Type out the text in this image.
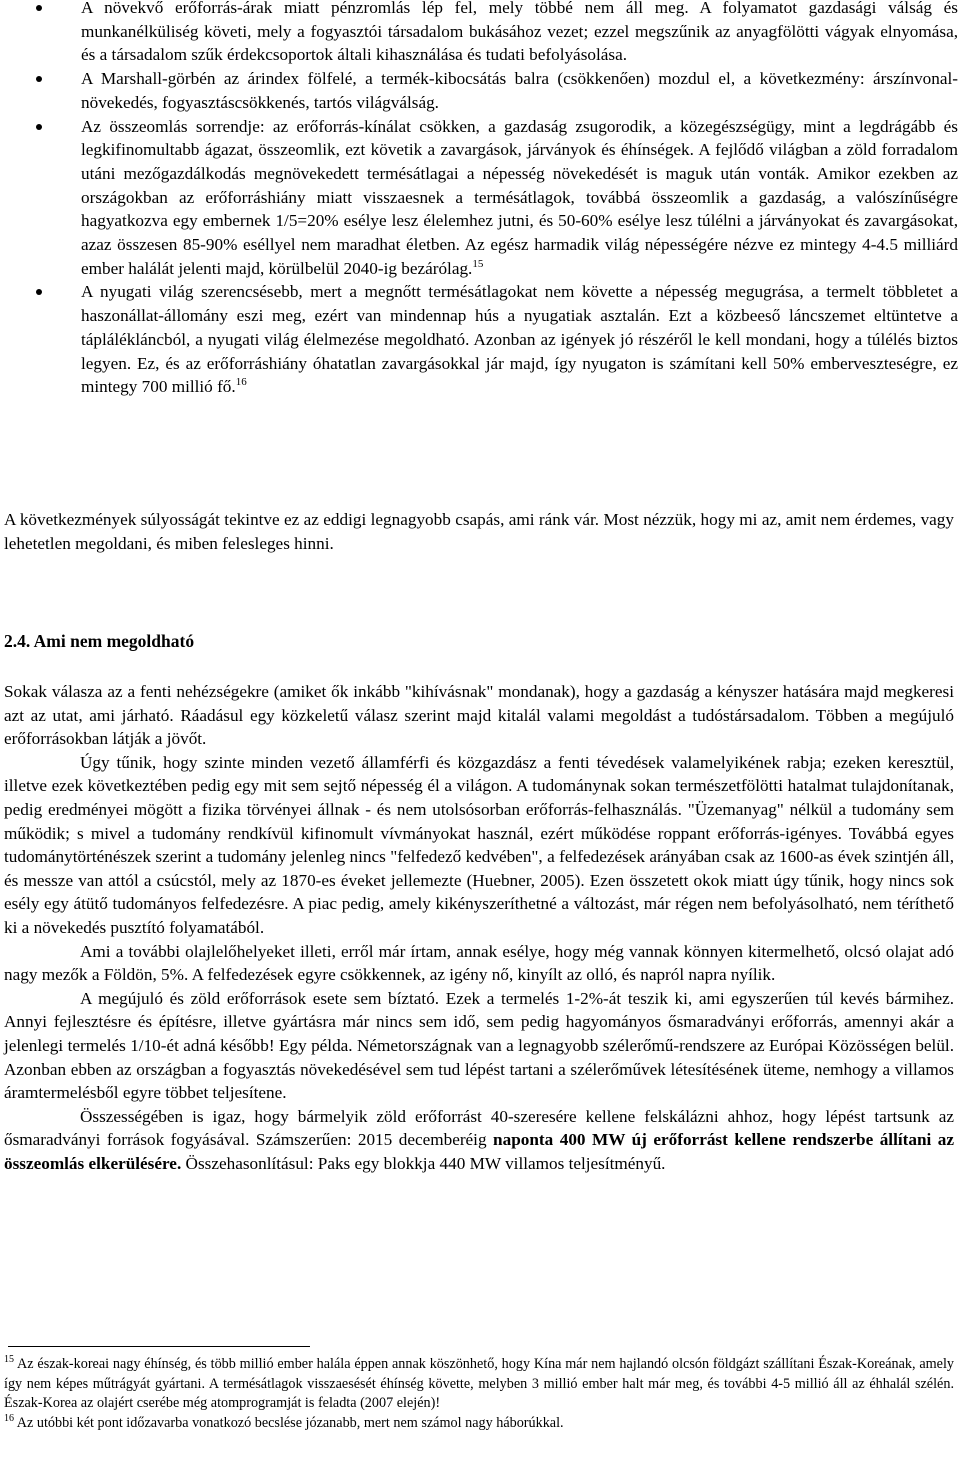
A növekvő erőforrás-árak miatt pénzromlás lép fel, mely többé nem áll meg. A folyamatot gazdasági válság és munkanélküliség követi, mely a fogyasztói társadalom bukásához vezet; ezzel megszűnik az anyagfölötti vágyak elnyomása, és a társadalom szűk érdekcsoportok általi kihasználása és tudati befolyásolása.
A Marshall-görbén az árindex fölfelé, a termék-kibocsátás balra (csökkenően) mozdul el, a következmény: árszínvonal-növekedés, fogyasztáscsökkenés, tartós világválság.
Az összeomlás sorrendje: az erőforrás-kínálat csökken, a gazdaság zsugorodik, a közegészségügy, mint a legdrágább és legkifinomultabb ágazat, összeomlik, ezt követik a zavargások, járványok és éhínségek. A fejlődő világban a zöld forradalom utáni mezőgazdálkodás megnövekedett termésátlagai a népesség növekedését is maguk után vonták. Amikor ezekben az országokban az erőforráshiány miatt visszaesnek a termésátlagok, továbbá összeomlik a gazdaság, a valószínűségre hagyatkozva egy embernek 1/5=20% esélye lesz élelemhez jutni, és 50-60% esélye lesz túlélni a járványokat és zavargásokat, azaz összesen 85-90% eséllyel nem maradhat életben. Az egész harmadik világ népességére nézve ez mintegy 4-4.5 milliárd ember halálát jelenti majd, körülbelül 2040-ig bezárólag.$^{15}$
A nyugati világ szerencsésebb, mert a megnőtt termésátlagokat nem követte a népesség megugrása, a termelt többletet a haszonállat-állomány eszi meg, ezért van mindennap hús a nyugatiak asztalán. Ezt a közbeeső láncszemet eltüntetve a táplálékláncból, a nyugati világ élelmezése megoldható. Azonban az igények jó részéről le kell mondani, hogy a túlélés biztos legyen. Ez, és az erőforráshiány óhatatlan zavargásokkal jár majd, így nyugaton is számítani kell 50% emberveszteségre, ez mintegy 700 millió fő.$^{16}$

A következmények súlyosságát tekintve ez az eddigi legnagyobb csapás, ami ránk vár. Most nézzük, hogy mi az, amit nem érdemes, vagy lehetetlen megoldani, és miben felesleges hinni.

2.4. Ami nem megoldható

Sokak válasza az a fenti nehézségekre (amiket ők inkább "kihívásnak" mondanak), hogy a gazdaság a kényszer hatására majd megkeresi azt az utat, ami járható. Ráadásul egy közkeletű válasz szerint majd kitalál valami megoldást a tudóstársadalom. Többen a megújuló erőforrásokban látják a jövőt.

Úgy tűnik, hogy szinte minden vezető államférfi és közgazdász a fenti tévedések valamelyikének rabja; ezeken keresztül, illetve ezek következtében pedig egy mit sem sejtő népesség él a világon. A tudománynak sokan természetfölötti hatalmat tulajdonítanak, pedig eredményei mögött a fizika törvényei állnak - és nem utolsósorban erőforrás-felhasználás. "Üzemanyag" nélkül a tudomány sem működik; s mivel a tudomány rendkívül kifinomult vívmányokat használ, ezért működése roppant erőforrás-igényes. Továbbá egyes tudománytörténészek szerint a tudomány jelenleg nincs "felfedező kedvében", a felfedezések arányában csak az 1600-as évek szintjén áll, és messze van attól a csúcstól, mely az 1870-es éveket jellemezte (Huebner, 2005). Ezen összetett okok miatt úgy tűnik, hogy nincs sok esély egy átütő tudományos felfedezésre. A piac pedig, amely kikényszeríthetné a változást, már régen nem befolyásolható, nem téríthető ki a növekedés pusztító folyamatából.

Ami a további olajlelőhelyeket illeti, erről már írtam, annak esélye, hogy még vannak könnyen kitermelhető, olcsó olajat adó nagy mezők a Földön, 5%. A felfedezések egyre csökkennek, az igény nő, kinyílt az olló, és napról napra nyílik.

A megújuló és zöld erőforrások esete sem bíztató. Ezek a termelés 1-2%-át teszik ki, ami egyszerűen túl kevés bármihez. Annyi fejlesztésre és építésre, illetve gyártásra már nincs sem idő, sem pedig hagyományos ősmaradványi erőforrás, amennyi akár a jelenlegi termelés 1/10-ét adná később! Egy példa. Németországnak van a legnagyobb szélerőmű-rendszere az Európai Közösségen belül. Azonban ebben az országban a fogyasztás növekedésével sem tud lépést tartani a szélerőművek létesítésének üteme, nemhogy a villamos áramtermelésből egyre többet teljesítene.

Összességében is igaz, hogy bármelyik zöld erőforrást 40-szeresére kellene felskálázni ahhoz, hogy lépést tartsunk az ősmaradványi források fogyásával. Számszerűen: 2015 decemberéig naponta 400 MW új erőforrást kellene rendszerbe állítani az összeomlás elkerülésére. Összehasonlításul: Paks egy blokkja 440 MW villamos teljesítményű.

$^{15}$ Az észak-koreai nagy éhínség, és több millió ember halála éppen annak köszönhető, hogy Kína már nem hajlandó olcsón földgázt szállítani Észak-Koreának, amely így nem képes műtrágyát gyártani. A termésátlagok visszaesését éhínség követte, melyben 3 millió ember halt már meg, és további 4-5 millió áll az éhhalál szélén. Észak-Korea az olajért cserébe még atomprogramját is feladta (2007 elején)!

$^{16}$ Az utóbbi két pont időzavarba vonatkozó becslése józanabb, mert nem számol nagy háborúkkal.
